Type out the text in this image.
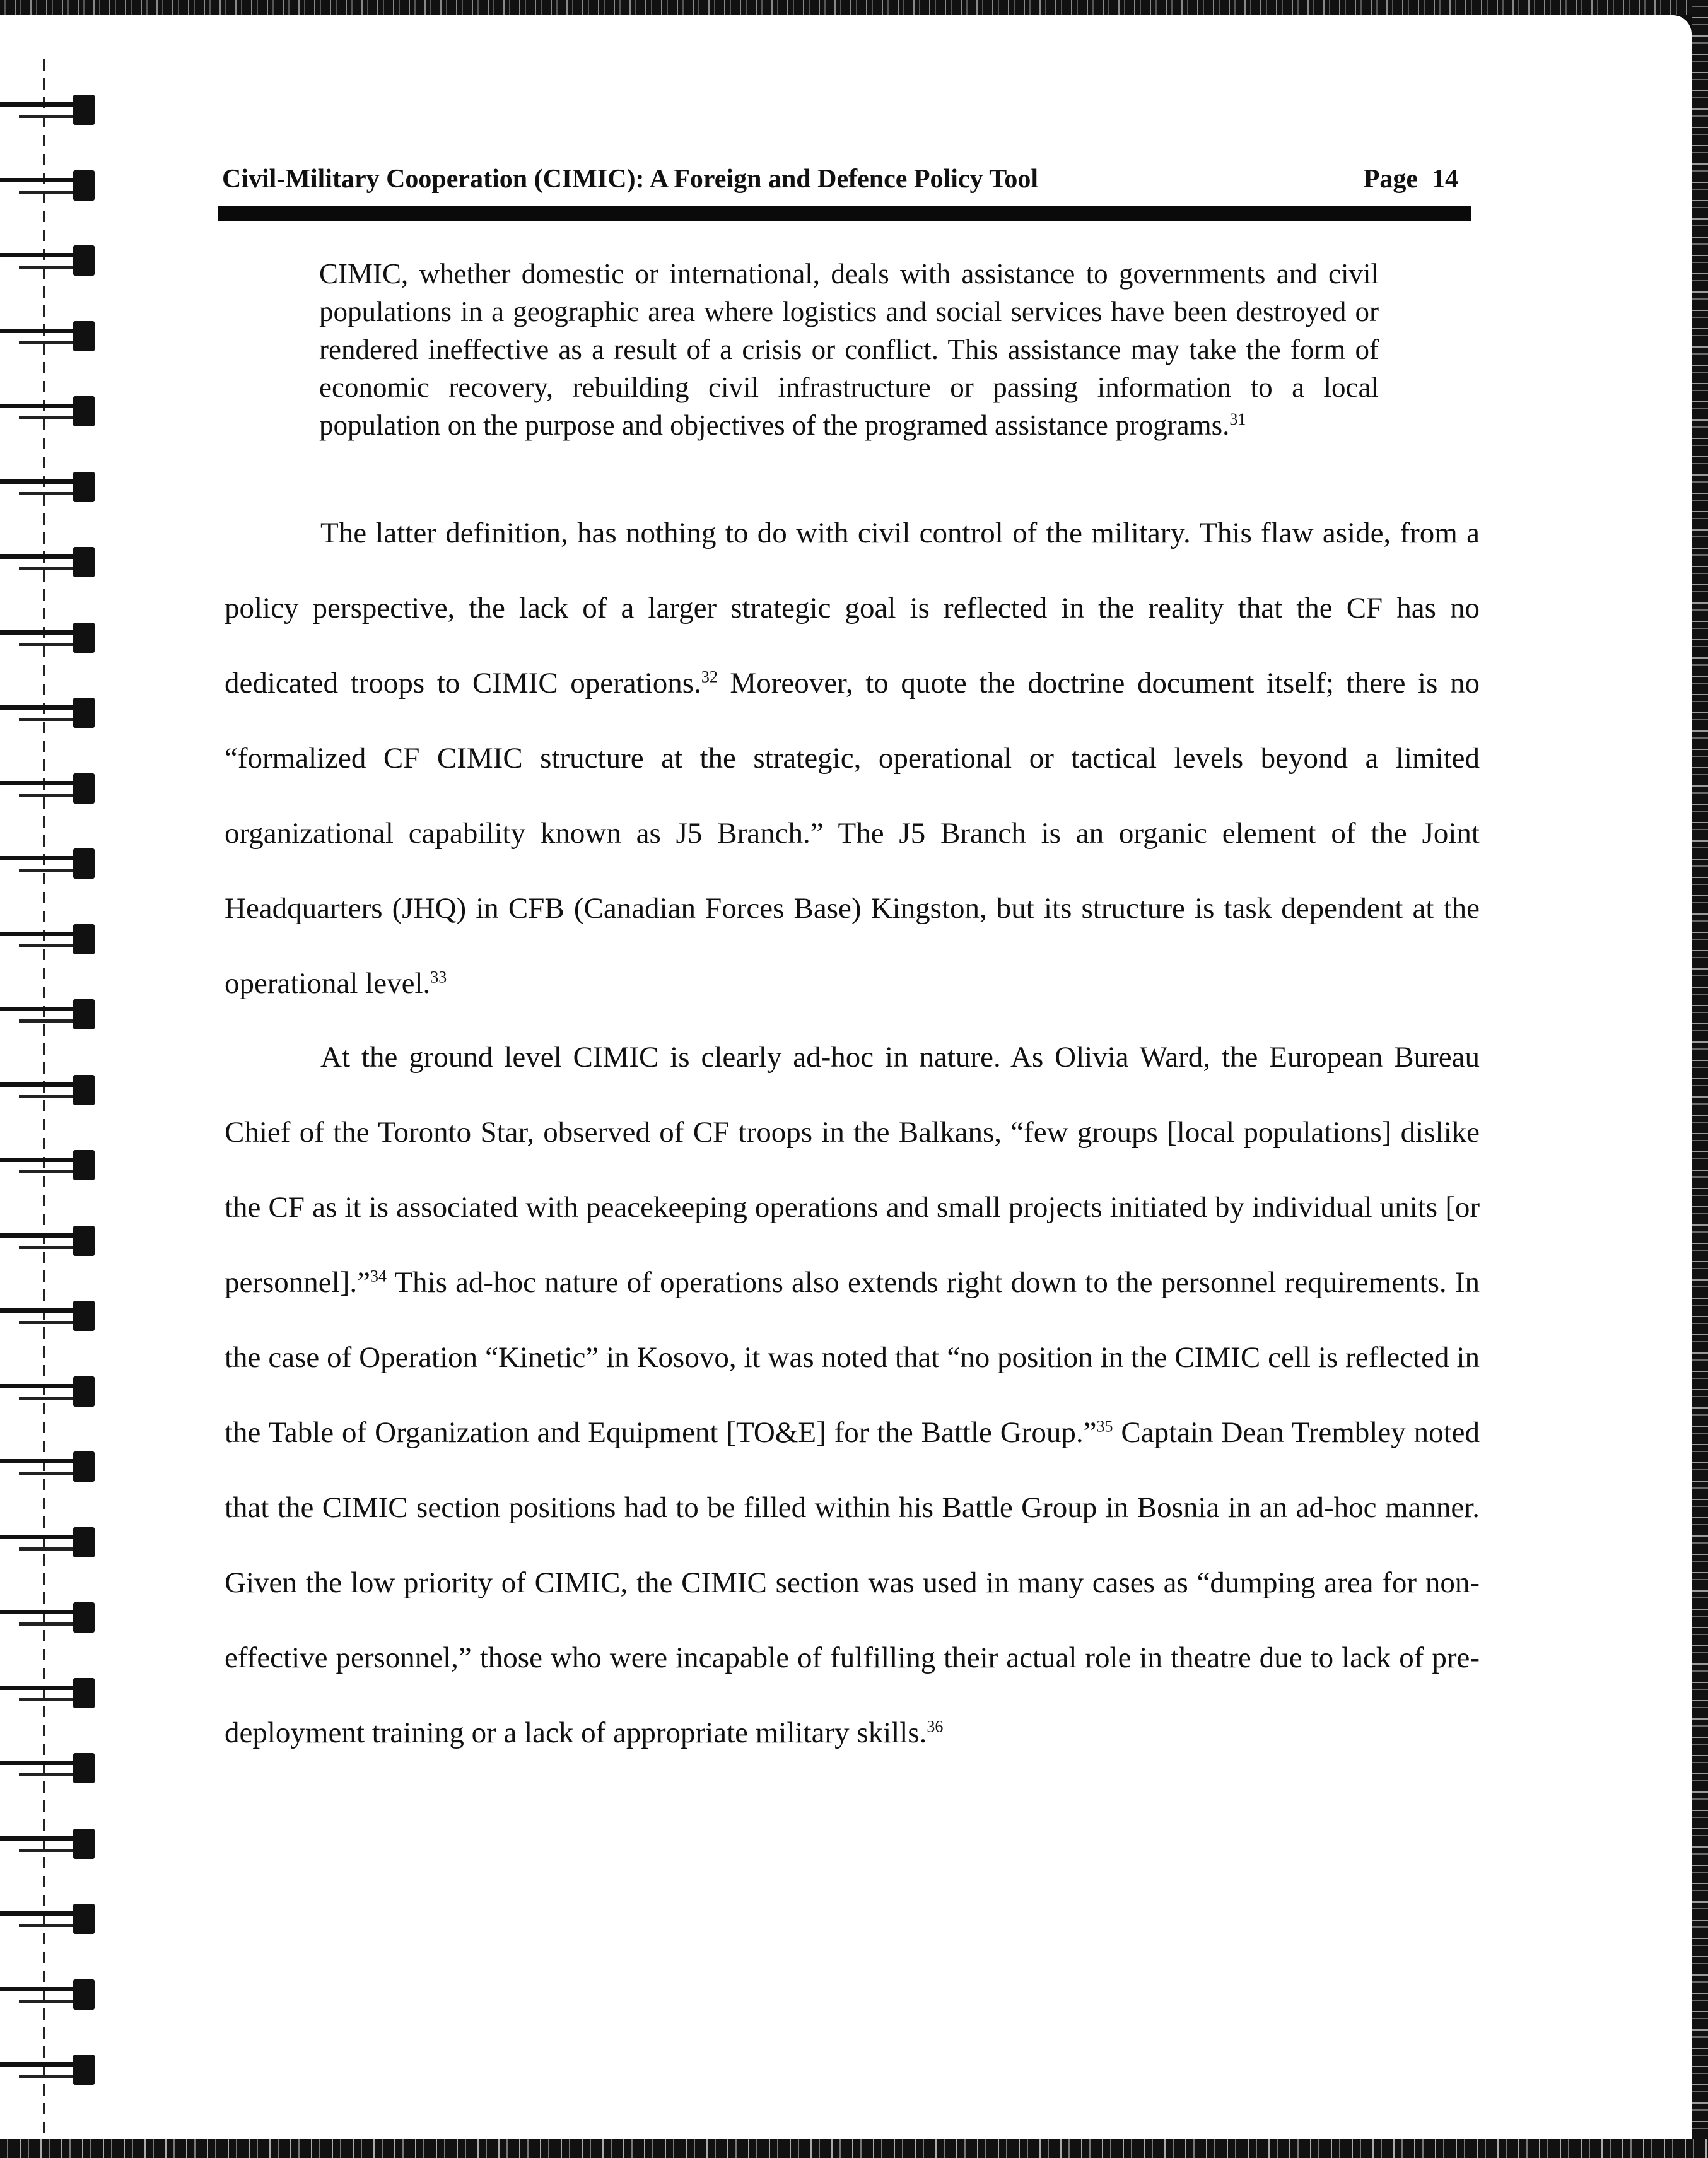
Civil-Military Cooperation (CIMIC): A Foreign and Defence Policy Tool	Page 14
CIMIC, whether domestic or international, deals with assistance to governments and civil populations in a geographic area where logistics and social services have been destroyed or rendered ineffective as a result of a crisis or conflict. This assistance may take the form of economic recovery, rebuilding civil infrastructure or passing information to a local population on the purpose and objectives of the programed assistance programs.$^{31}$
The latter definition, has nothing to do with civil control of the military. This flaw aside, from a policy perspective, the lack of a larger strategic goal is reflected in the reality that the CF has no dedicated troops to CIMIC operations.$^{32}$ Moreover, to quote the doctrine document itself; there is no “formalized CF CIMIC structure at the strategic, operational or tactical levels beyond a limited organizational capability known as J5 Branch.” The J5 Branch is an organic element of the Joint Headquarters (JHQ) in CFB (Canadian Forces Base) Kingston, but its structure is task dependent at the operational level.$^{33}$
At the ground level CIMIC is clearly ad-hoc in nature. As Olivia Ward, the European Bureau Chief of the Toronto Star, observed of CF troops in the Balkans, “few groups [local populations] dislike the CF as it is associated with peacekeeping operations and small projects initiated by individual units [or personnel].”$^{34}$ This ad-hoc nature of operations also extends right down to the personnel requirements. In the case of Operation “Kinetic” in Kosovo, it was noted that “no position in the CIMIC cell is reflected in the Table of Organization and Equipment [TO&E] for the Battle Group.”$^{35}$ Captain Dean Trembley noted that the CIMIC section positions had to be filled within his Battle Group in Bosnia in an ad-hoc manner. Given the low priority of CIMIC, the CIMIC section was used in many cases as “dumping area for non-effective personnel,” those who were incapable of fulfilling their actual role in theatre due to lack of pre-deployment training or a lack of appropriate military skills.$^{36}$
